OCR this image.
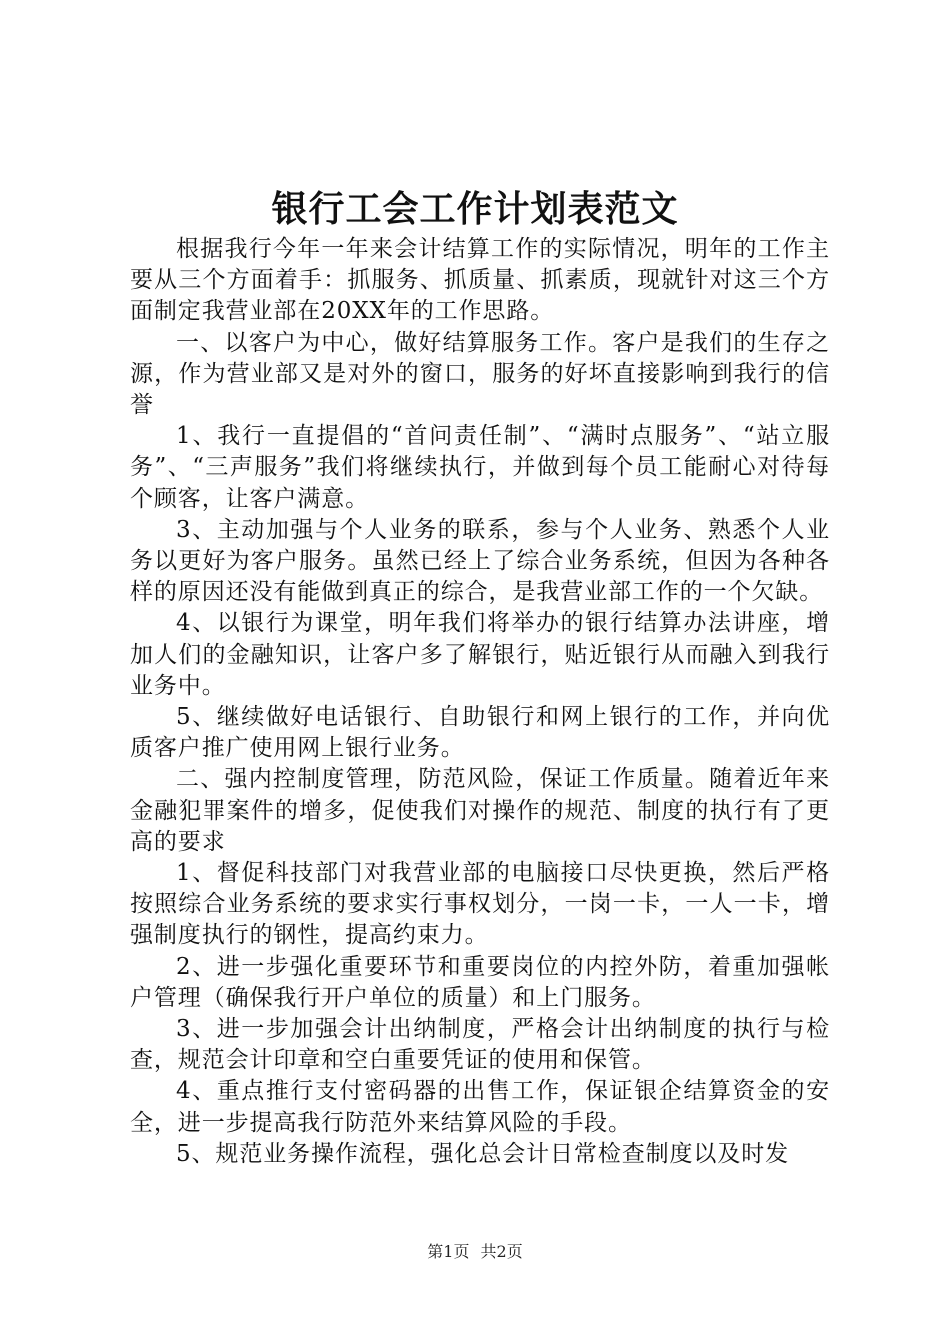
银行工会工作计划表范文

根据我行今年一年来会计结算工作的实际情况，明年的工作主要从三个方面着手：抓服务、抓质量、抓素质，现就针对这三个方面制定我营业部在20XX年的工作思路。

一、以客户为中心，做好结算服务工作。客户是我们的生存之源，作为营业部又是对外的窗口，服务的好坏直接影响到我行的信誉

1、我行一直提倡的“首问责任制”、“满时点服务”、“站立服务”、“三声服务”我们将继续执行，并做到每个员工能耐心对待每个顾客，让客户满意。

3、主动加强与个人业务的联系，参与个人业务、熟悉个人业务以更好为客户服务。虽然已经上了综合业务系统，但因为各种各样的原因还没有能做到真正的综合，是我营业部工作的一个欠缺。

4、以银行为课堂，明年我们将举办的银行结算办法讲座，增加人们的金融知识，让客户多了解银行，贴近银行从而融入到我行业务中。

5、继续做好电话银行、自助银行和网上银行的工作，并向优质客户推广使用网上银行业务。

二、强内控制度管理，防范风险，保证工作质量。随着近年来金融犯罪案件的增多，促使我们对操作的规范、制度的执行有了更高的要求

1、督促科技部门对我营业部的电脑接口尽快更换，然后严格按照综合业务系统的要求实行事权划分，一岗一卡，一人一卡，增强制度执行的钢性，提高约束力。

2、进一步强化重要环节和重要岗位的内控外防，着重加强帐户管理（确保我行开户单位的质量）和上门服务。

3、进一步加强会计出纳制度，严格会计出纳制度的执行与检查，规范会计印章和空白重要凭证的使用和保管。

4、重点推行支付密码器的出售工作，保证银企结算资金的安全，进一步提高我行防范外来结算风险的手段。

5、规范业务操作流程，强化总会计日常检查制度以及时发

第1页 共2页
